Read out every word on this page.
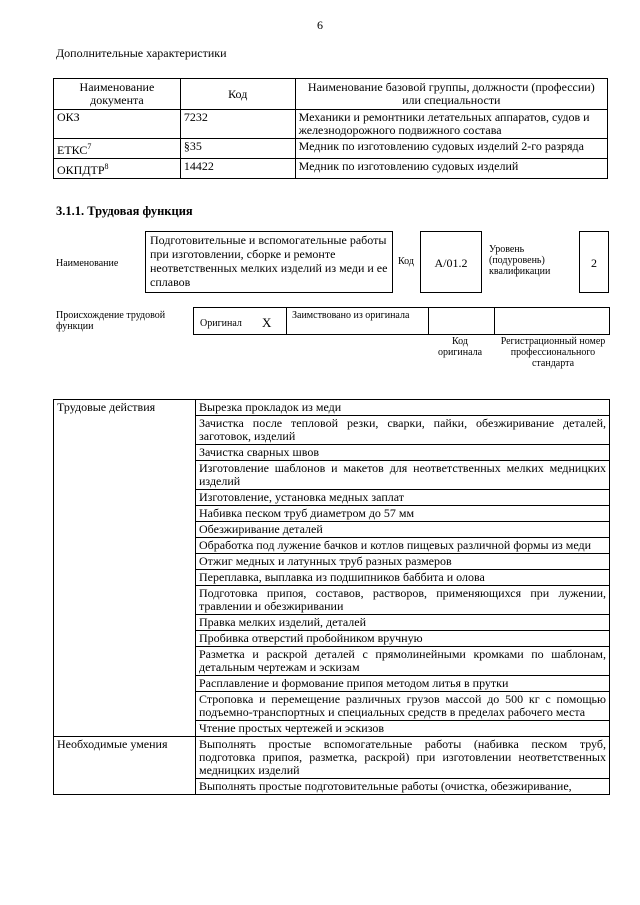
6
Дополнительные характеристики
Наименование документа	Код	Наименование базовой группы, должности (профессии) или специальности
ОКЗ	7232	Механики и ремонтники летательных аппаратов, судов и железнодорожного подвижного состава
ЕТКС$^7$	§35	Медник по изготовлению судовых изделий 2-го разряда
ОКПДТР$^8$	14422	Медник по изготовлению судовых изделий
3.1.1. Трудовая функция
Наименование
Подготовительные и вспомогательные работы при изготовлении, сборке и ремонте неответственных мелких изделий из меди и ее сплавов
Код	А/01.2
Уровень (подуровень) квалификации
2
Происхождение трудовой функции	Оригинал Х Заимствовано из оригинала
Код оригинала
Регистрационный номер профессионального стандарта
Трудовые действия	Вырезка прокладок из меди
	Зачистка после тепловой резки, сварки, пайки, обезжиривание деталей, заготовок, изделий
	Зачистка сварных швов
	Изготовление шаблонов и макетов для неответственных мелких медницких изделий
	Изготовление, установка медных заплат
	Набивка песком труб диаметром до 57 мм
	Обезжиривание деталей
	Обработка под лужение бачков и котлов пищевых различной формы из меди
	Отжиг медных и латунных труб разных размеров
	Переплавка, выплавка из подшипников баббита и олова
	Подготовка припоя, составов, растворов, применяющихся при лужении, травлении и обезжиривании
	Правка мелких изделий, деталей
	Пробивка отверстий пробойником вручную
	Разметка и раскрой деталей с прямолинейными кромками по шаблонам, детальным чертежам и эскизам
	Расплавление и формование припоя методом литья в прутки
	Строповка и перемещение различных грузов массой до 500 кг с помощью подъемно-транспортных и специальных средств в пределах рабочего места
	Чтение простых чертежей и эскизов
Необходимые умения	Выполнять простые вспомогательные работы (набивка песком труб, подготовка припоя, разметка, раскрой) при изготовлении неответственных медницких изделий
	Выполнять простые подготовительные работы (очистка, обезжиривание,
